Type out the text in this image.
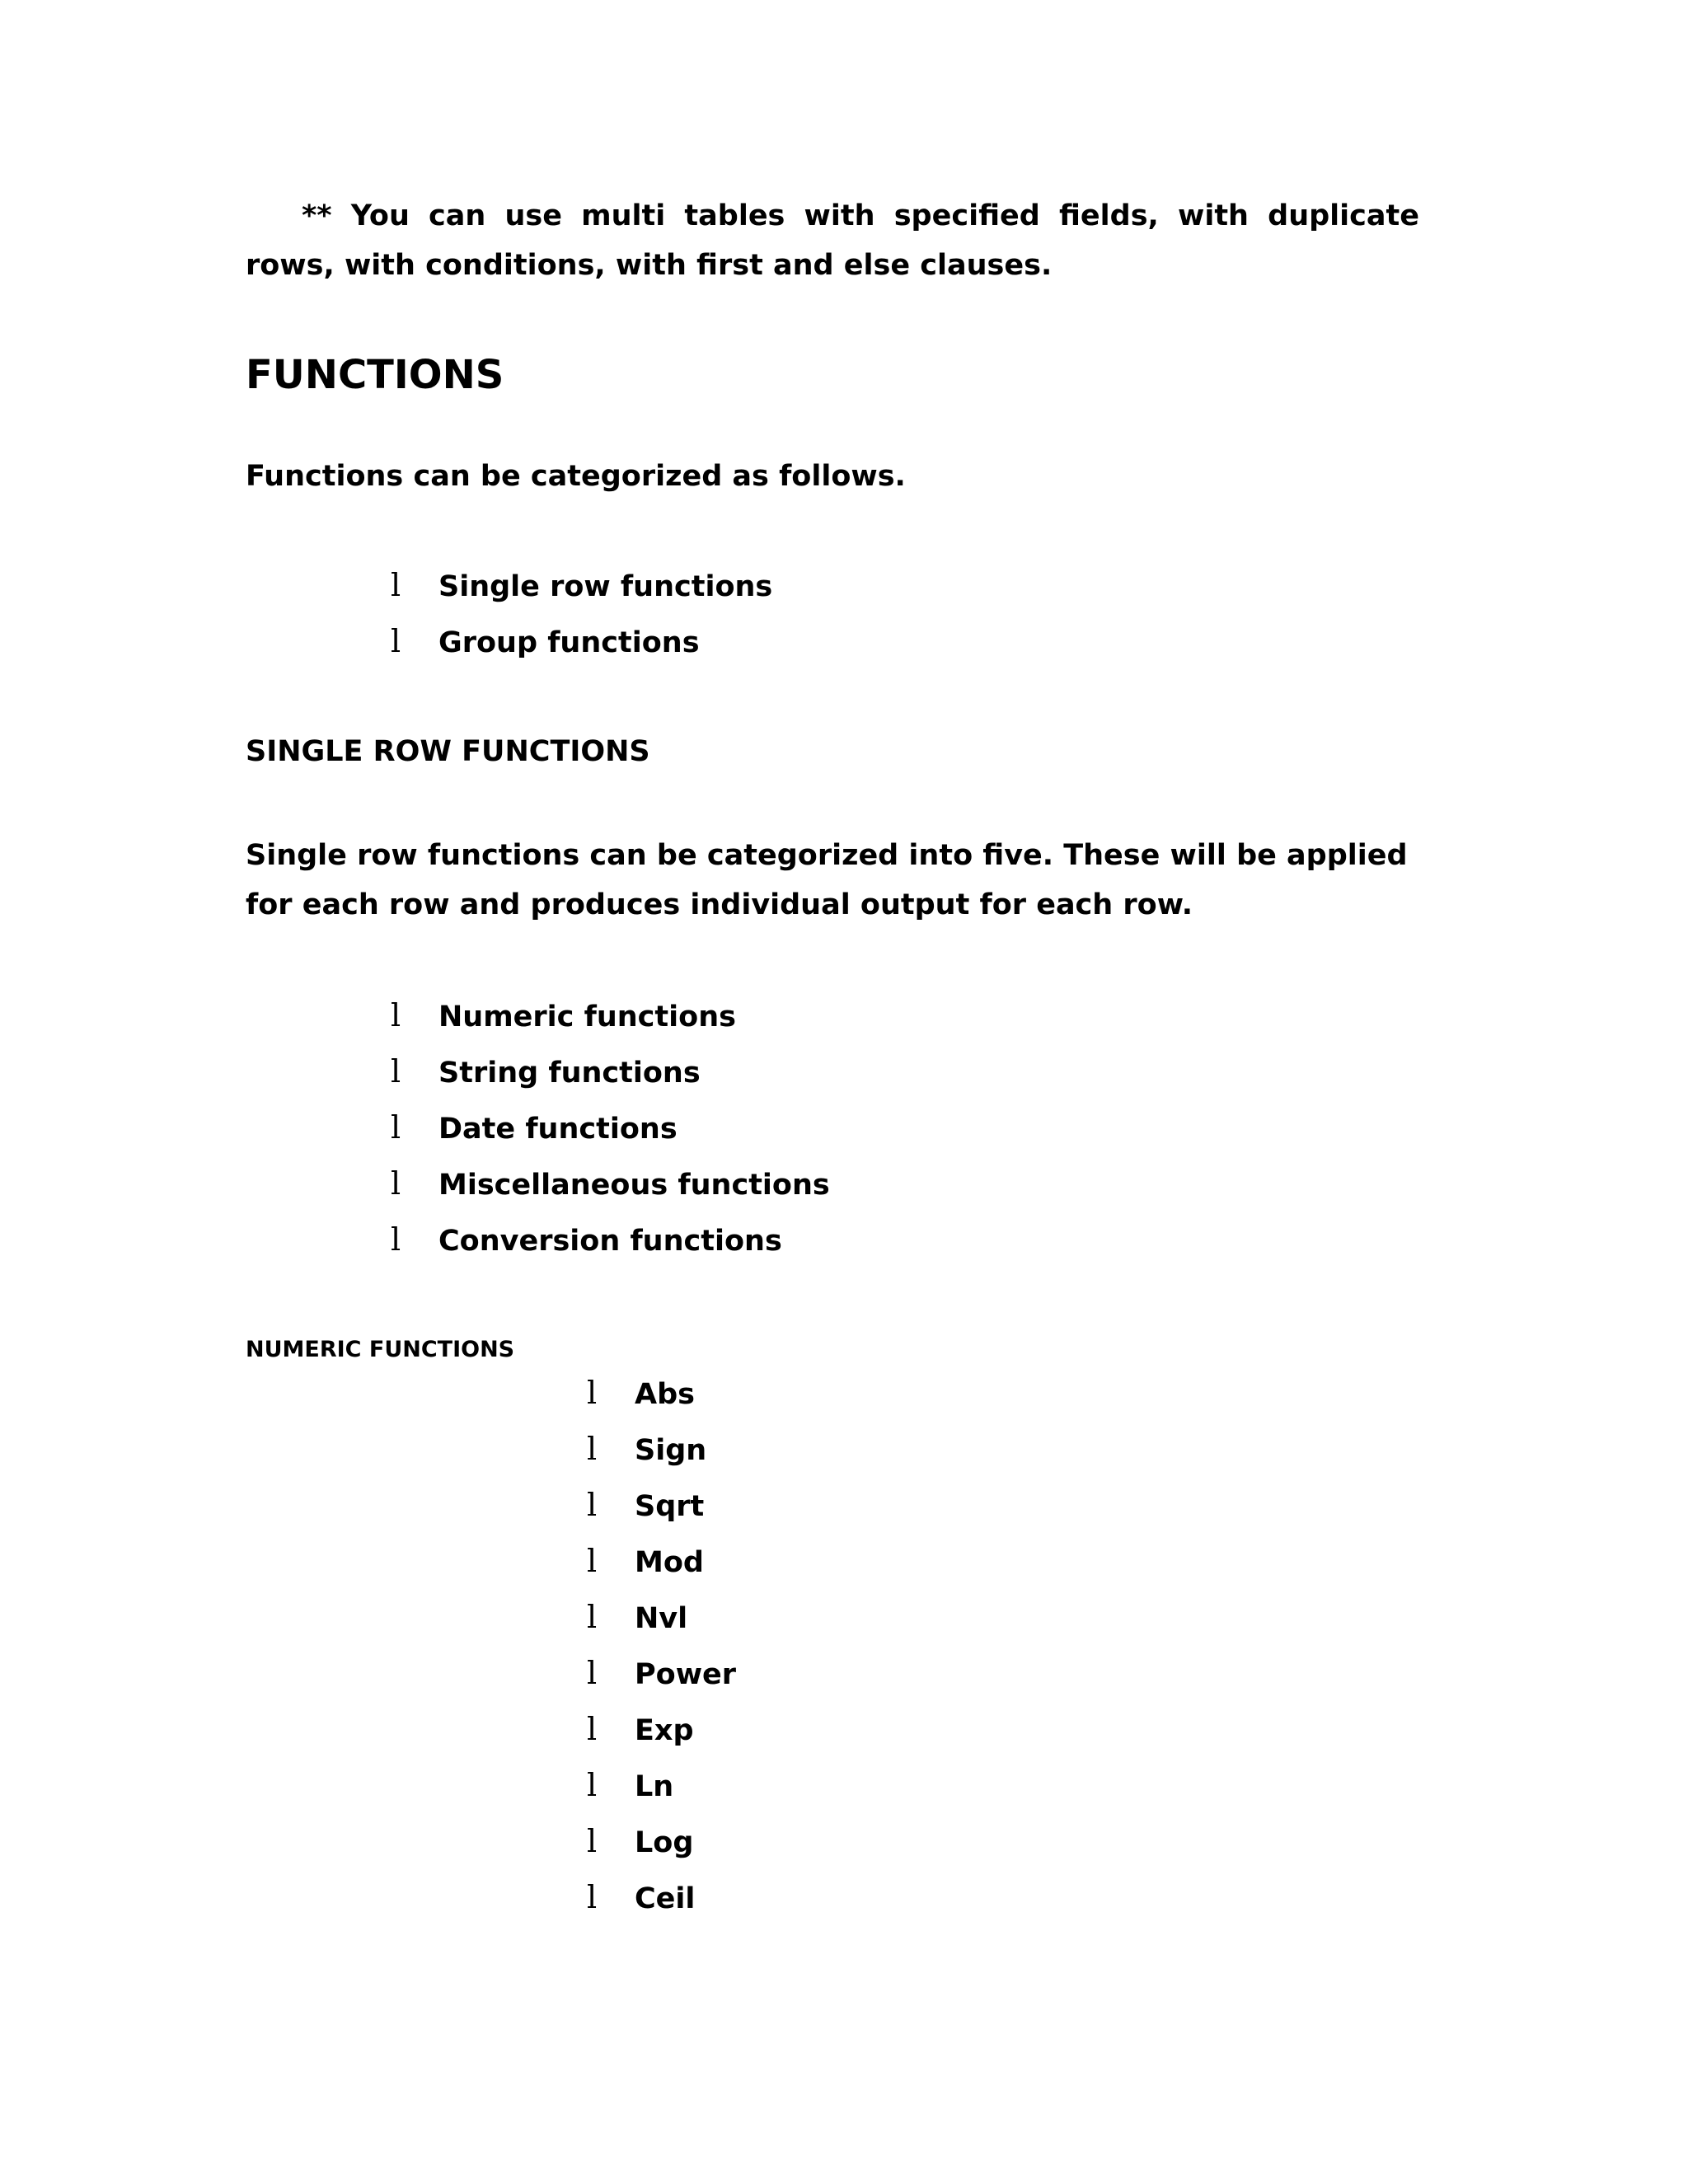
** You can use multi tables with specified fields, with duplicate rows, with conditions, with first and else clauses.

FUNCTIONS

Functions can be categorized as follows.

l	Single row functions
l	Group functions

SINGLE ROW FUNCTIONS

Single row functions can be categorized into five. These will be applied for each row and produces individual output for each row.

l	Numeric functions
l	String functions
l	Date functions
l	Miscellaneous functions
l	Conversion functions

NUMERIC FUNCTIONS

l	Abs
l	Sign
l	Sqrt
l	Mod
l	Nvl
l	Power
l	Exp
l	Ln
l	Log
l	Ceil
